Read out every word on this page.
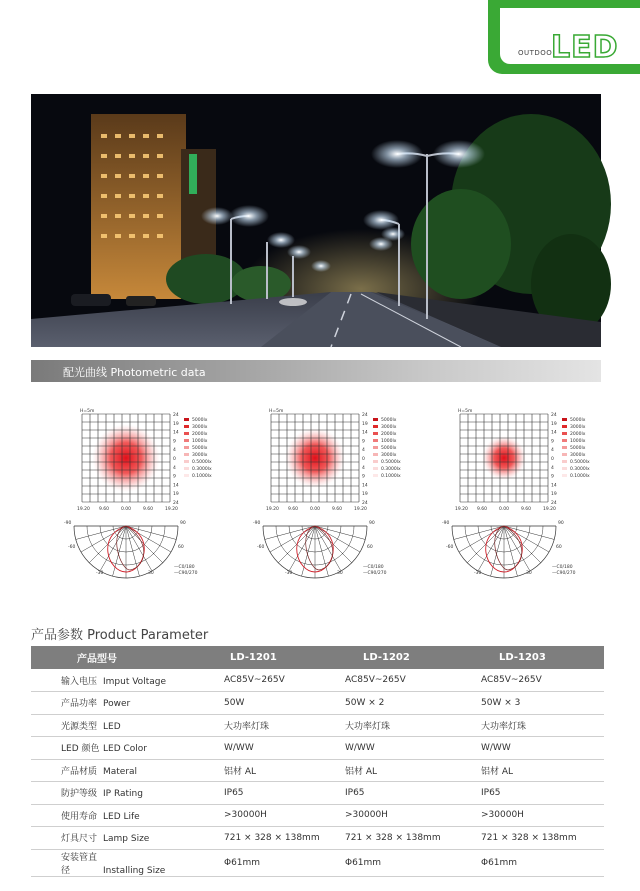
OUTDOOR
LED
配光曲线 Photometric data
H=5m
24
19
14
9
4
0
4
9
14
19
24
19.20 9.60	0.00	9.60	19.20
5000lx
3000lx
2000lx
1000lx
5000lx
3000lx
0.5000lx
0.3000lx
0.1000lx
-90	90
-60	60
-30	30
—C0/180
—C90/270
H=5m
24
19
14
9
4
0
4
9
14
19
24
19.20 9.60	0.00	9.60	19.20
5000lx
3000lx
2000lx
1000lx
5000lx
3000lx
0.5000lx
0.3000lx
0.1000lx
-90	90
-60	60
-30	30
—C0/180
—C90/270
H=5m
24
19
14
9
4
0
4
9
14
19
24
19.20 9.60	0.00	9.60	19.20
5000lx
3000lx
2000lx
1000lx
5000lx
3000lx
0.5000lx
0.3000lx
0.1000lx
-90	90
-60	60
-30	30
—C0/180
—C90/270
产品参数 Product Parameter
产品型号	LD-1201	LD-1202	LD-1203
输入电压 Imput Voltage	AC85V~265V	AC85V~265V	AC85V~265V
产品功率 Power	50W	50W × 2	50W × 3
光源类型 LED	大功率灯珠	大功率灯珠	大功率灯珠
LED 颜色 LED Color	W/WW	W/WW	W/WW
产品材质 Materal	铝材 AL	铝材 AL	铝材 AL
防护等级 IP Rating	IP65	IP65	IP65
使用寿命 LED Life	>30000H	>30000H	>30000H
灯具尺寸 Lamp Size	721 × 328 × 138mm	721 × 328 × 138mm	721 × 328 × 138mm
安装管直径 Installing Size	Φ61mm	Φ61mm	Φ61mm
